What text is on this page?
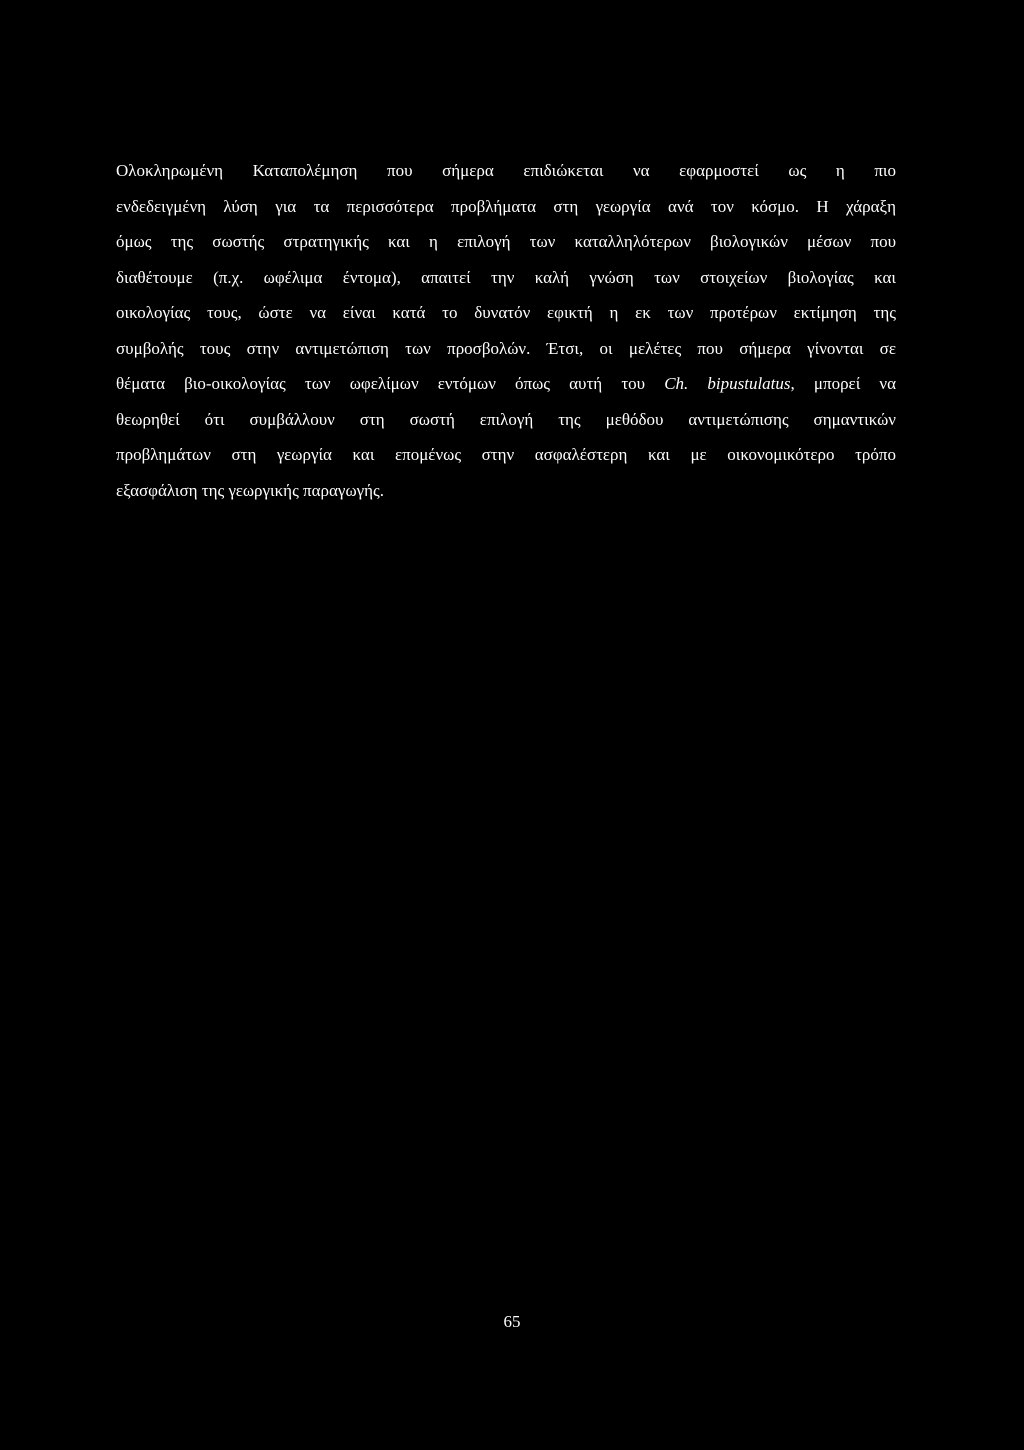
Ολοκληρωμένη Καταπολέμηση που σήμερα επιδιώκεται να εφαρμοστεί ως η πιο
ενδεδειγμένη λύση για τα περισσότερα προβλήματα στη γεωργία ανά τον κόσμο. Η χάραξη
όμως της σωστής στρατηγικής και η επιλογή των καταλληλότερων βιολογικών μέσων που
διαθέτουμε (π.χ. ωφέλιμα έντομα), απαιτεί την καλή γνώση των στοιχείων βιολογίας και
οικολογίας τους, ώστε να είναι κατά το δυνατόν εφικτή η εκ των προτέρων εκτίμηση της
συμβολής τους στην αντιμετώπιση των προσβολών. Έτσι, οι μελέτες που σήμερα γίνονται σε
θέματα βιο-οικολογίας των ωφελίμων εντόμων όπως αυτή του Ch. bipustulatus, μπορεί να
θεωρηθεί ότι συμβάλλουν στη σωστή επιλογή της μεθόδου αντιμετώπισης σημαντικών
προβλημάτων στη γεωργία και επομένως στην ασφαλέστερη και με οικονομικότερο τρόπο
εξασφάλιση της γεωργικής παραγωγής.
65
